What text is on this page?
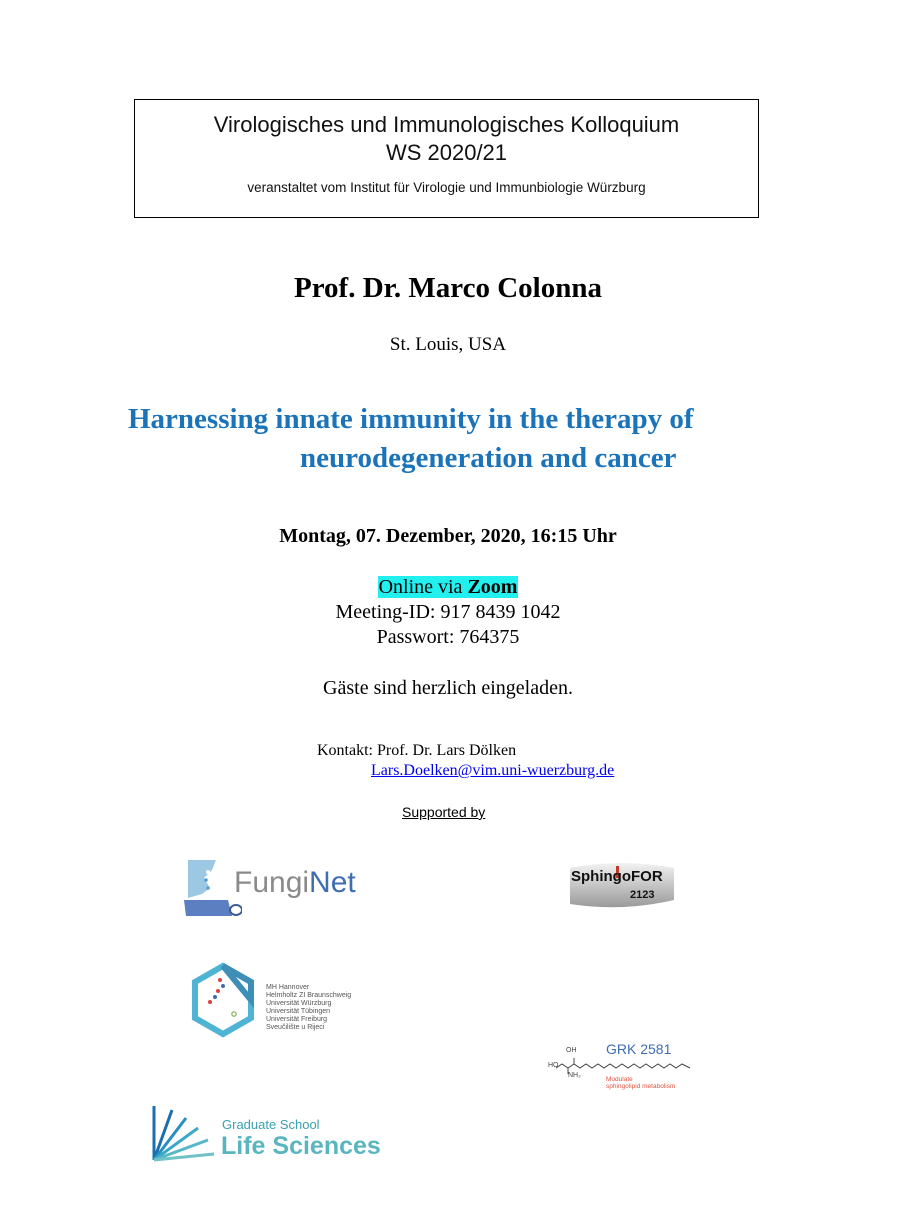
Virologisches und Immunologisches Kolloquium
WS 2020/21
veranstaltet vom Institut für Virologie und Immunbiologie Würzburg
Prof. Dr. Marco Colonna
St. Louis, USA
Harnessing innate immunity in the therapy of
neurodegeneration and cancer
Montag, 07. Dezember, 2020, 16:15 Uhr
Online via Zoom
Meeting-ID: 917 8439 1042
Passwort: 764375
Gäste sind herzlich eingeladen.
Kontakt: Prof. Dr. Lars Dölken
Lars.Doelken@vim.uni-wuerzburg.de
Supported by
FungiNet	SphingoFOR
2123
MH Hannover
Helmholtz ZI Braunschweig
Universität Würzburg
Universität Tübingen
Universität Freiburg
Sveučilište u Rijeci
OH
HO
NH₂
GRK 2581
Modulate
sphingolipid metabolism
Graduate School
Life Sciences
